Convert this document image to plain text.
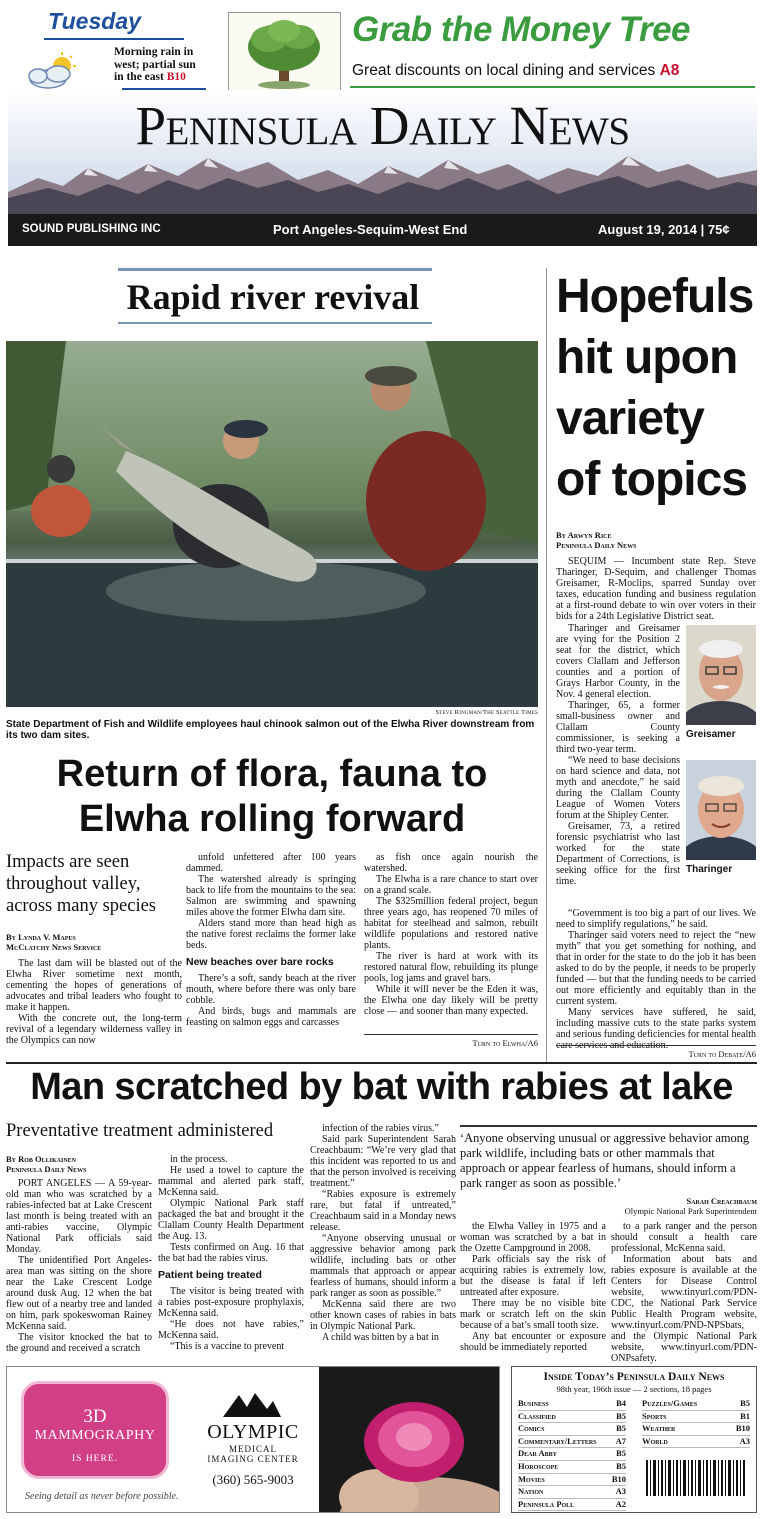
Tuesday
Morning rain in west; partial sun in the east B10
Grab the Money Tree
Great discounts on local dining and services A8
Peninsula Daily News
SOUND PUBLISHING INC	Port Angeles-Sequim-West End	August 19, 2014 | 75¢
Rapid river revival
Steve Ringman/The Seattle Times
State Department of Fish and Wildlife employees haul chinook salmon out of the Elwha River downstream from its two dam sites.
Return of flora, fauna to Elwha rolling forward
Impacts are seen throughout valley, across many species
By Lynda V. Mapes
McClatchy News Service

The last dam will be blasted out of the Elwha River sometime next month, cementing the hopes of generations of advocates and tribal leaders who fought to make it happen.

With the concrete out, the long-term revival of a legendary wilderness valley in the Olympics can now

unfold unfettered after 100 years dammed.

The watershed already is springing back to life from the mountains to the sea: Salmon are swimming and spawning miles above the former Elwha dam site.

Alders stand more than head high as the native forest reclaims the former lake beds.

New beaches over bare rocks

There’s a soft, sandy beach at the river mouth, where before there was only bare cobble.

And birds, bugs and mammals are feasting on salmon eggs and carcasses

as fish once again nourish the watershed.

The Elwha is a rare chance to start over on a grand scale.

The $325million federal project, begun three years ago, has reopened 70 miles of habitat for steelhead and salmon, rebuilt wildlife populations and restored native plants.

The river is hard at work with its restored natural flow, rebuilding its plunge pools, log jams and gravel bars.

While it will never be the Eden it was, the Elwha one day likely will be pretty close — and sooner than many expected.

Turn to Elwha/A6
Hopefuls hit upon variety of topics
By Arwyn Rice
Peninsula Daily News

SEQUIM — Incumbent state Rep. Steve Tharinger, D-Sequim, and challenger Thomas Greisamer, R-Moclips, sparred Sunday over taxes, education funding and business regulation at a first-round debate to win over voters in their bids for a 24th Legislative District seat.

Tharinger and Greisamer are vying for the Position 2 seat for the district, which covers Clallam and Jefferson counties and a portion of Grays Harbor County, in the Nov. 4 general election.

Tharinger, 65, a former small-business owner and Clallam County commissioner, is seeking a third two-year term.

“We need to base decisions on hard science and data, not myth and anecdote,” he said during the Clallam County League of Women Voters forum at the Shipley Center.

Greisamer, 73, a retired forensic psychiatrist who last worked for the state Department of Corrections, is seeking office for the first time.

Greisamer
Tharinger

“Government is too big a part of our lives. We need to simplify regulations,” he said.

Tharinger said voters need to reject the “new myth” that you get something for nothing, and that in order for the state to do the job it has been asked to do by the people, it needs to be properly funded — but that the funding needs to be carried out more efficiently and equitably than in the current system.

Many services have suffered, he said, including massive cuts to the state parks system and serious funding deficiencies for mental health care services and education.

Turn to Debate/A6
Man scratched by bat with rabies at lake
Preventative treatment administered
By Rob Ollikainen
Peninsula Daily News

PORT ANGELES — A 59-year-old man who was scratched by a rabies-infected bat at Lake Crescent last month is being treated with an anti-rabies vaccine, Olympic National Park officials said Monday.

The unidentified Port Angeles-area man was sitting on the shore near the Lake Crescent Lodge around dusk Aug. 12 when the bat flew out of a nearby tree and landed on him, park spokeswoman Rainey McKenna said.

The visitor knocked the bat to the ground and received a scratch

in the process.

He used a towel to capture the mammal and alerted park staff, McKenna said.

Olympic National Park staff packaged the bat and brought it the Clallam County Health Department the Aug. 13.

Tests confirmed on Aug. 16 that the bat had the rabies virus.

Patient being treated

The visitor is being treated with a rabies post-exposure prophylaxis, McKenna said.

“He does not have rabies,” McKenna said.

“This is a vaccine to prevent

infection of the rabies virus.”

Said park Superintendent Sarah Creachbaum: “We’re very glad that this incident was reported to us and that the person involved is receiving treatment.”

“Rabies exposure is extremely rare, but fatal if untreated,” Creachbaum said in a Monday news release.

“Anyone observing unusual or aggressive behavior among park wildlife, including bats or other mammals that approach or appear fearless of humans, should inform a park ranger as soon as possible.”

McKenna said there are two other known cases of rabies in bats in Olympic National Park.

A child was bitten by a bat in

‘Anyone observing unusual or aggressive behavior among park wildlife, including bats or other mammals that approach or appear fearless of humans, should inform a park ranger as soon as possible.’
Sarah Creachbaum
Olympic National Park Superintendent

the Elwha Valley in 1975 and a woman was scratched by a bat in the Ozette Campground in 2008.

Park officials say the risk of acquiring rabies is extremely low, but the disease is fatal if left untreated after exposure.

There may be no visible bite mark or scratch left on the skin because of a bat’s small tooth size.

Any bat encounter or exposure should be immediately reported

to a park ranger and the person should consult a health care professional, McKenna said.

Information about bats and rabies exposure is available at the Centers for Disease Control website, www.tinyurl.com/PDN-CDC, the National Park Service Public Health Program website, www.tinyurl.com/PND-NPSbats, and the Olympic National Park website, www.tinyurl.com/PDN-ONPsafety.

3D
MAMMOGRAPHY
IS HERE.
OLYMPIC
MEDICAL
IMAGING CENTER
(360) 565-9003
Seeing detail as never before possible.
Inside Today’s Peninsula Daily News
98th year, 196th issue — 2 sections, 18 pages
Business	B4
Classified	B5
Comics	B5
Commentary/Letters A7
Dear Abby	B5
Horoscope	B5
Movies	B10
Nation	A3
Peninsula Poll	A2
Puzzles/Games	B5
Sports	B1
Weather	B10
World	A3
